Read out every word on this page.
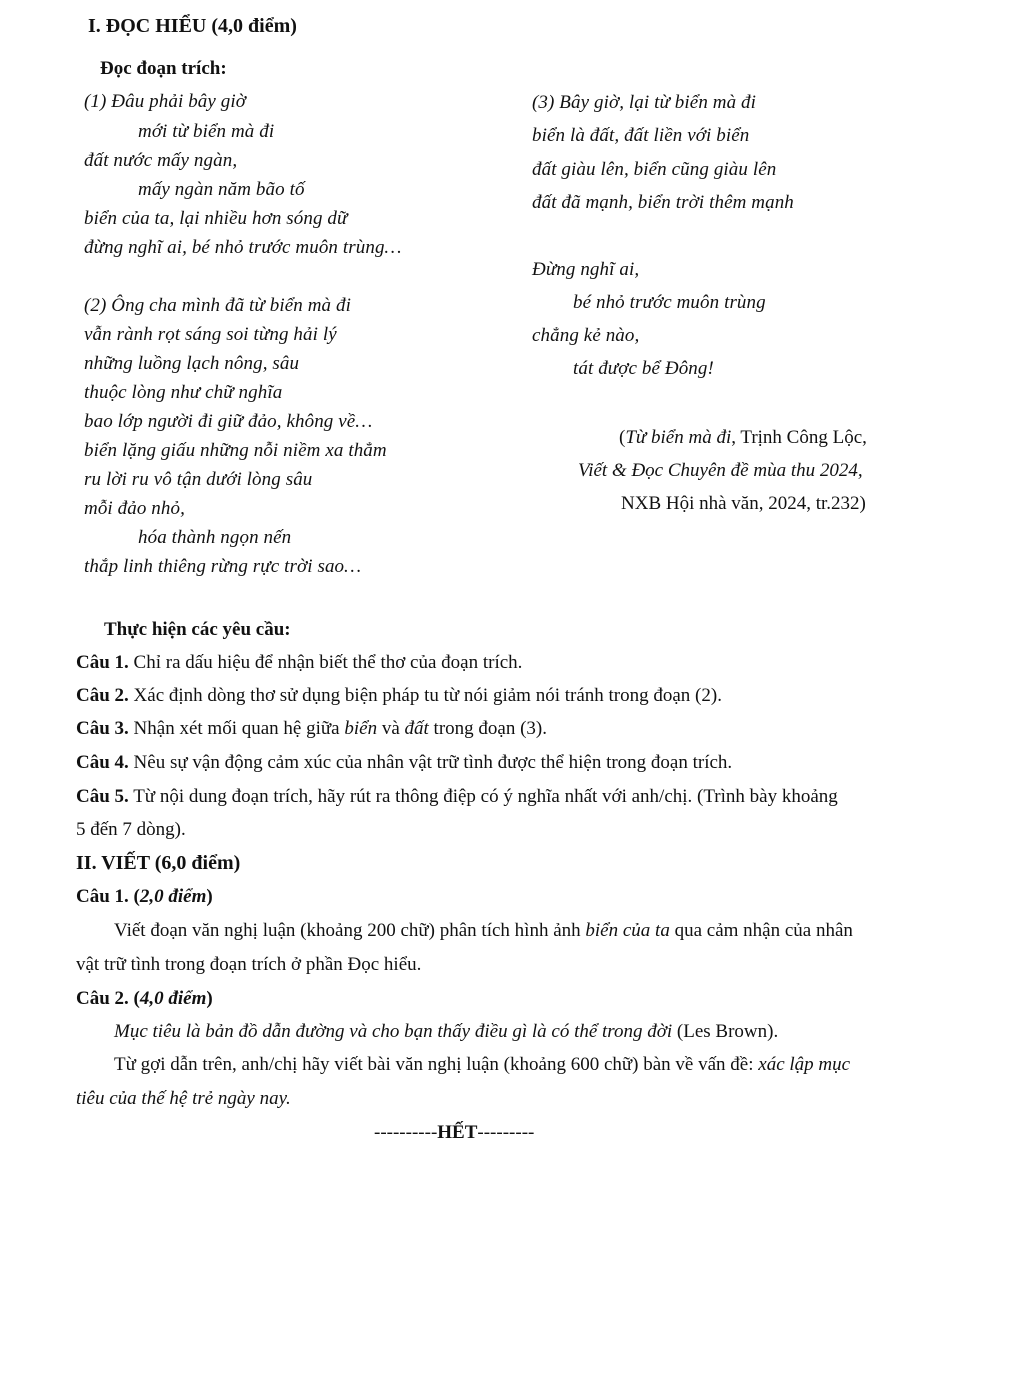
I. ĐỌC HIỂU (4,0 điểm)
Đọc đoạn trích:
(1) Đâu phải bây giờ
mới từ biển mà đi
đất nước mấy ngàn,
mấy ngàn năm bão tố
biển của ta, lại nhiều hơn sóng dữ
đừng nghĩ ai, bé nhỏ trước muôn trùng…
(2) Ông cha mình đã từ biển mà đi
vẫn rành rọt sáng soi từng hải lý
những luồng lạch nông, sâu
thuộc lòng như chữ nghĩa
bao lớp người đi giữ đảo, không về…
biển lặng giấu những nỗi niềm xa thẳm
ru lời ru vô tận dưới lòng sâu
mỗi đảo nhỏ,
hóa thành ngọn nến
thắp linh thiêng rừng rực trời sao…
(3) Bây giờ, lại từ biển mà đi
biển là đất, đất liền với biển
đất giàu lên, biển cũng giàu lên
đất đã mạnh, biển trời thêm mạnh
Đừng nghĩ ai,
bé nhỏ trước muôn trùng
chẳng kẻ nào,
tát được bể Đông!
(Từ biển mà đi, Trịnh Công Lộc,
Viết & Đọc Chuyên đề mùa thu 2024,
NXB Hội nhà văn, 2024, tr.232)
Thực hiện các yêu cầu:
Câu 1. Chỉ ra dấu hiệu để nhận biết thể thơ của đoạn trích.
Câu 2. Xác định dòng thơ sử dụng biện pháp tu từ nói giảm nói tránh trong đoạn (2).
Câu 3. Nhận xét mối quan hệ giữa biển và đất trong đoạn (3).
Câu 4. Nêu sự vận động cảm xúc của nhân vật trữ tình được thể hiện trong đoạn trích.
Câu 5. Từ nội dung đoạn trích, hãy rút ra thông điệp có ý nghĩa nhất với anh/chị. (Trình bày khoảng
5 đến 7 dòng).
II. VIẾT (6,0 điểm)
Câu 1. (2,0 điểm)
Viết đoạn văn nghị luận (khoảng 200 chữ) phân tích hình ảnh biển của ta qua cảm nhận của nhân
vật trữ tình trong đoạn trích ở phần Đọc hiểu.
Câu 2. (4,0 điểm)
Mục tiêu là bản đồ dẫn đường và cho bạn thấy điều gì là có thể trong đời (Les Brown).
Từ gợi dẫn trên, anh/chị hãy viết bài văn nghị luận (khoảng 600 chữ) bàn về vấn đề: xác lập mục
tiêu của thế hệ trẻ ngày nay.
----------HẾT---------
